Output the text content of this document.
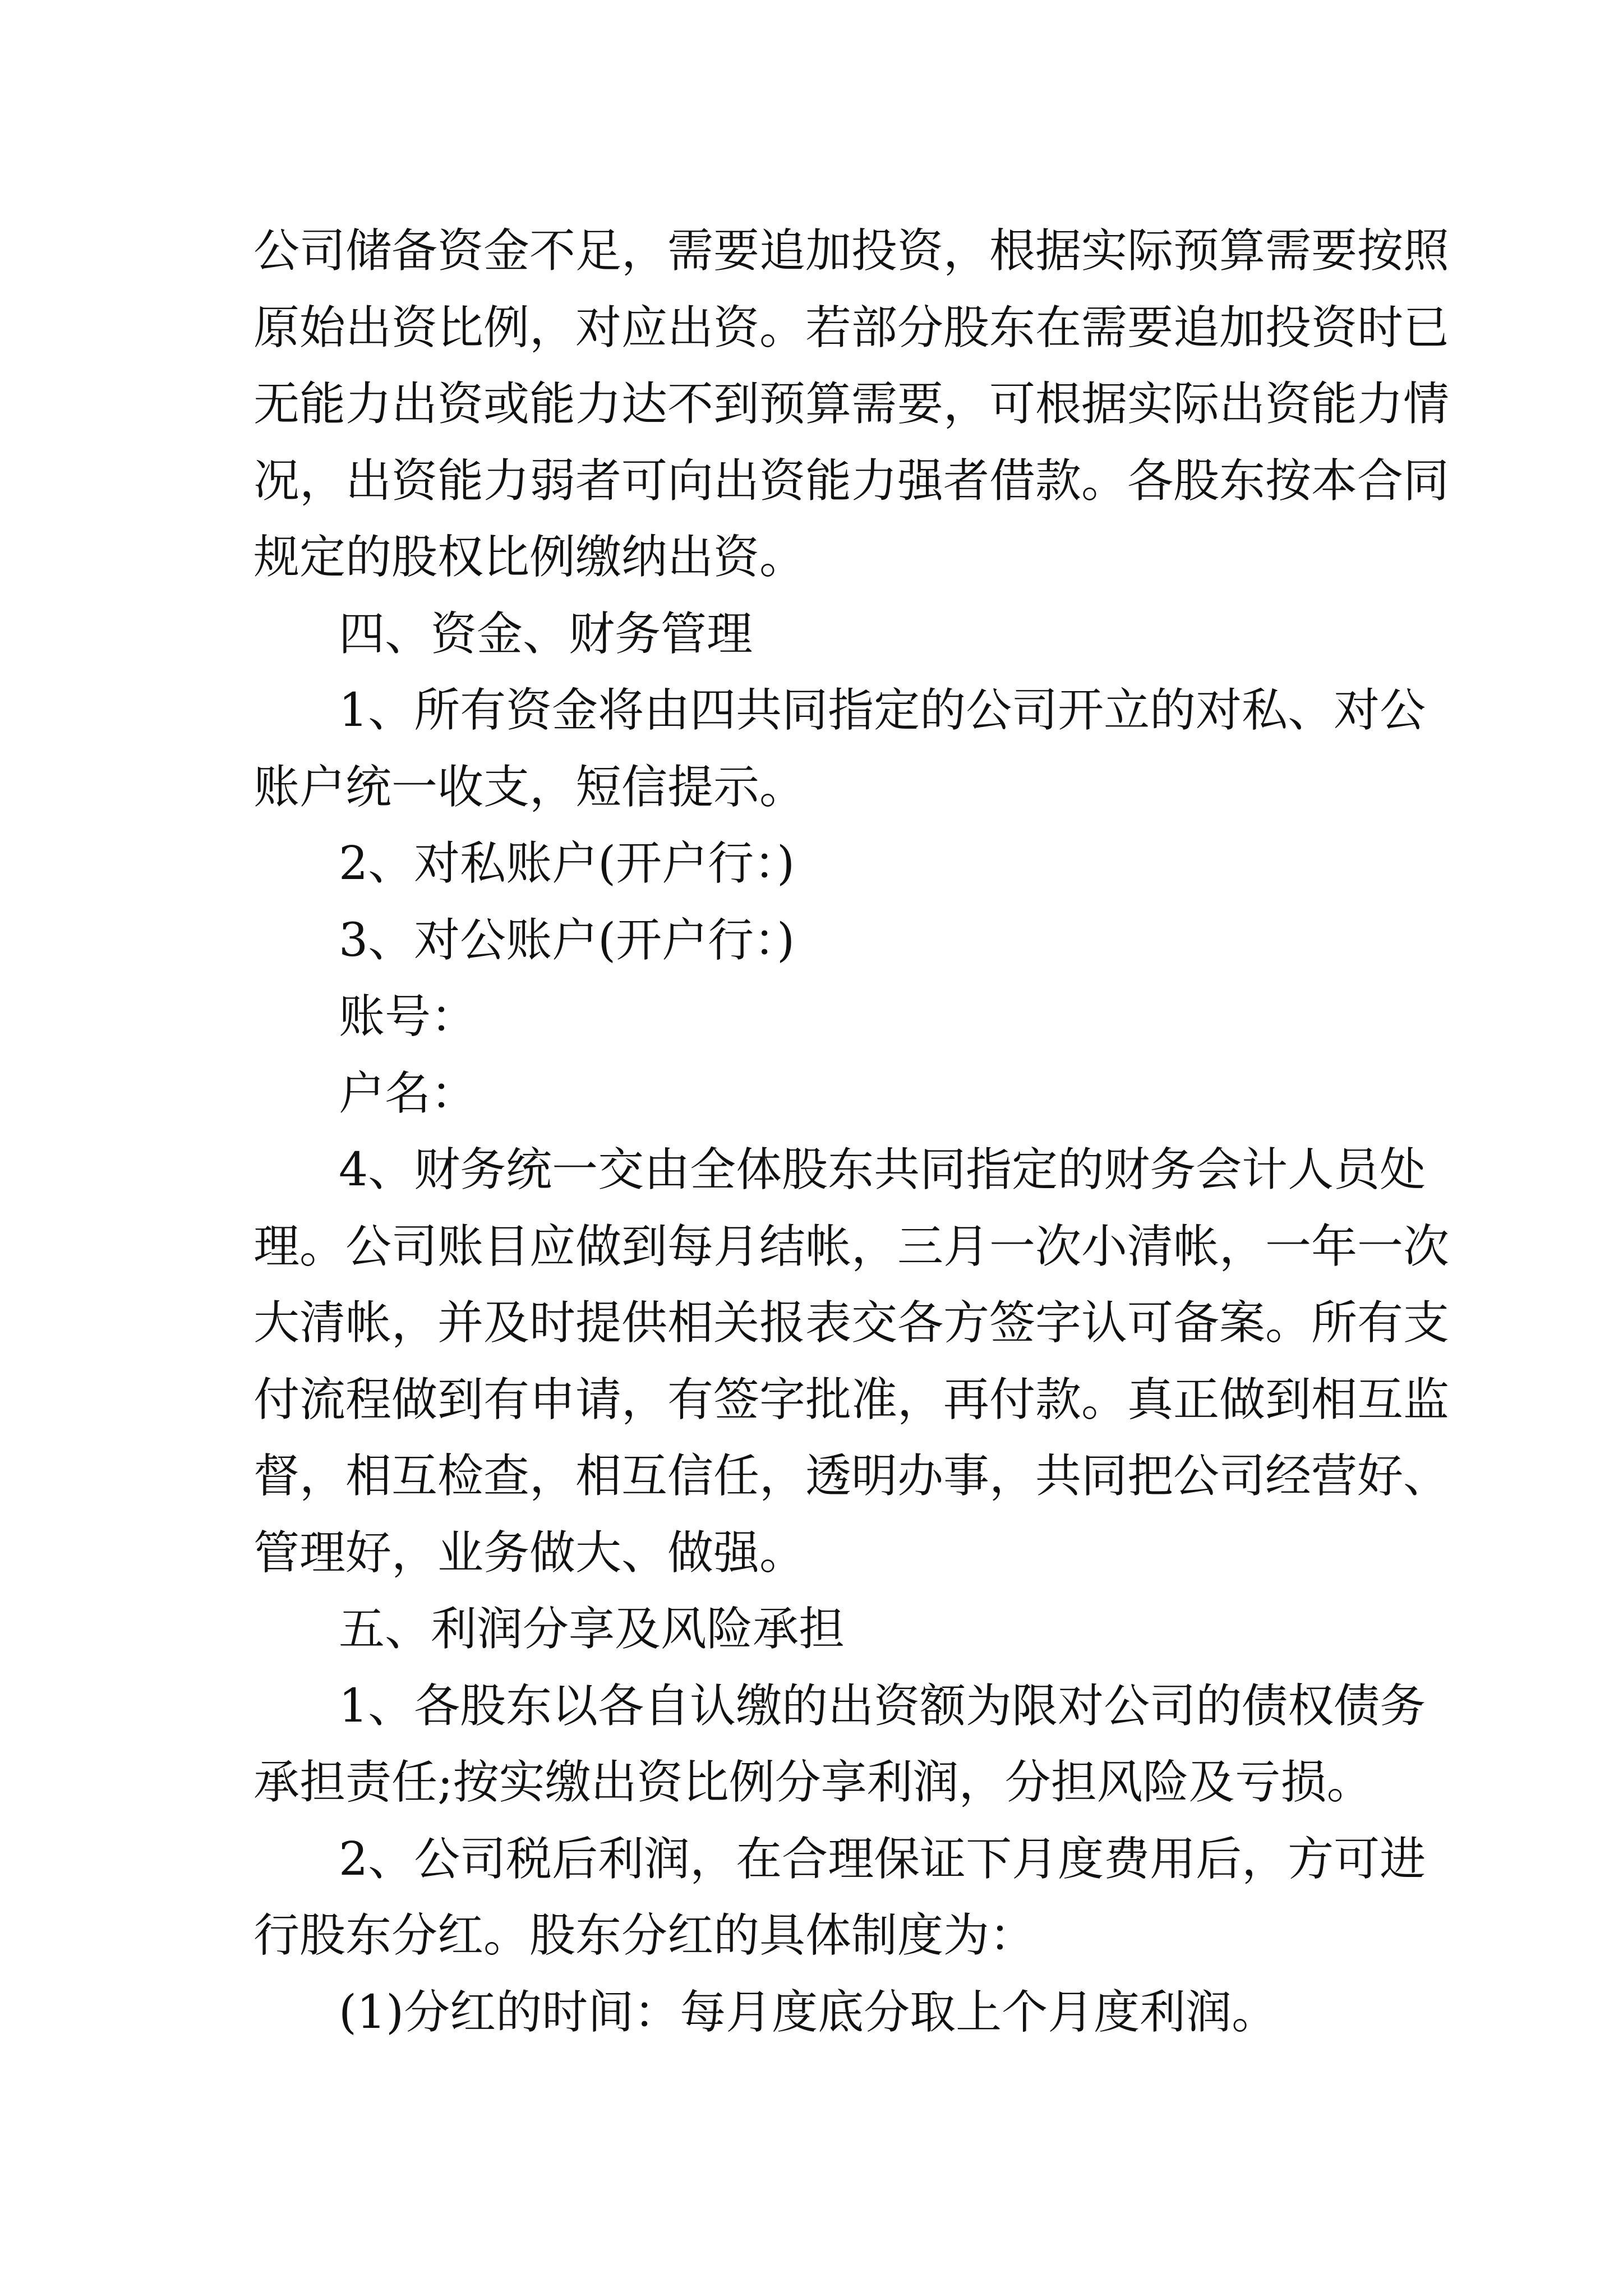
公司储备资金不足，需要追加投资，根据实际预算需要按照
原始出资比例，对应出资。若部分股东在需要追加投资时已
无能力出资或能力达不到预算需要，可根据实际出资能力情
况，出资能力弱者可向出资能力强者借款。各股东按本合同
规定的股权比例缴纳出资。
四、资金、财务管理
1、所有资金将由四共同指定的公司开立的对私、对公
账户统一收支，短信提示。
2、对私账户(开户行：)
3、对公账户(开户行：)
账号：
户名：
4、财务统一交由全体股东共同指定的财务会计人员处
理。公司账目应做到每月结帐，三月一次小清帐，一年一次
大清帐，并及时提供相关报表交各方签字认可备案。所有支
付流程做到有申请，有签字批准，再付款。真正做到相互监
督，相互检查，相互信任，透明办事，共同把公司经营好、
管理好，业务做大、做强。
五、利润分享及风险承担
1、各股东以各自认缴的出资额为限对公司的债权债务
承担责任;按实缴出资比例分享利润，分担风险及亏损。
2、公司税后利润，在合理保证下月度费用后，方可进
行股东分红。股东分红的具体制度为：
(1)分红的时间：每月度底分取上个月度利润。
